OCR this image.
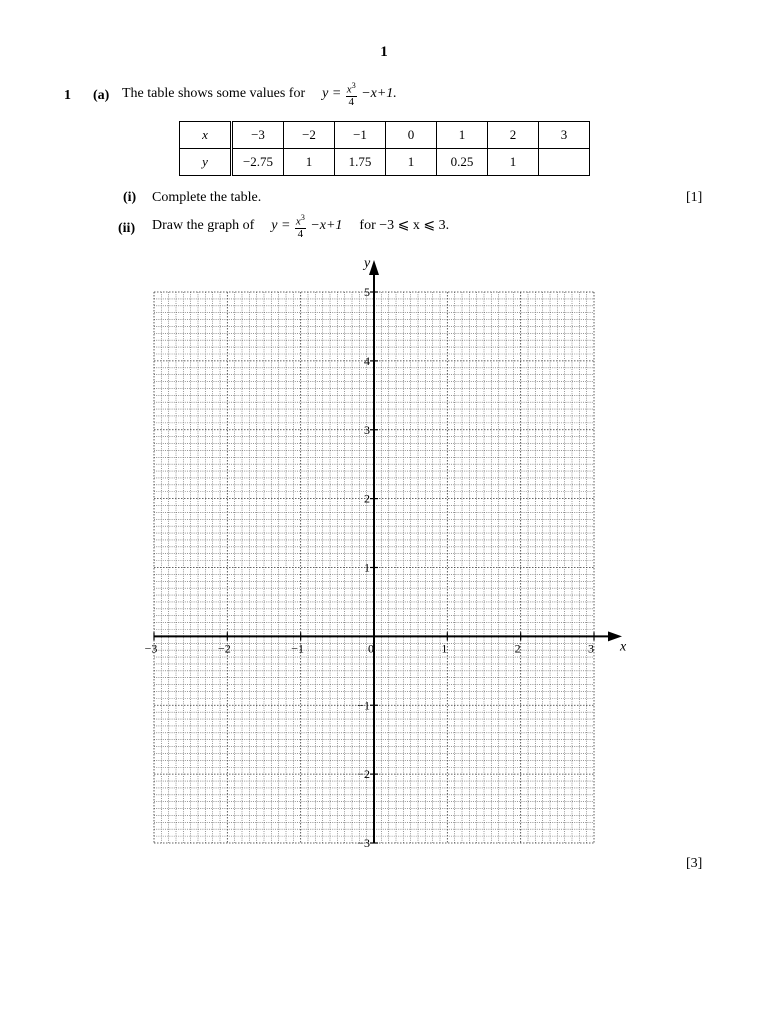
1
1 (a) The table shows some values for $y = \frac{x^3}{4} -x+1$.
x	−3	−2	−1	0	1	2	3
y	−2.75	1	1.75	1	0.25	1	
(i) Complete the table.	[1]
(ii) Draw the graph of $y = \frac{x^3}{4} -x+1$ for −3 ⩽ x ⩽ 3.
−3	−2	−1	0	1	2	3
−3
−2
−1
1
2
3
4
5
x
y
[3]
